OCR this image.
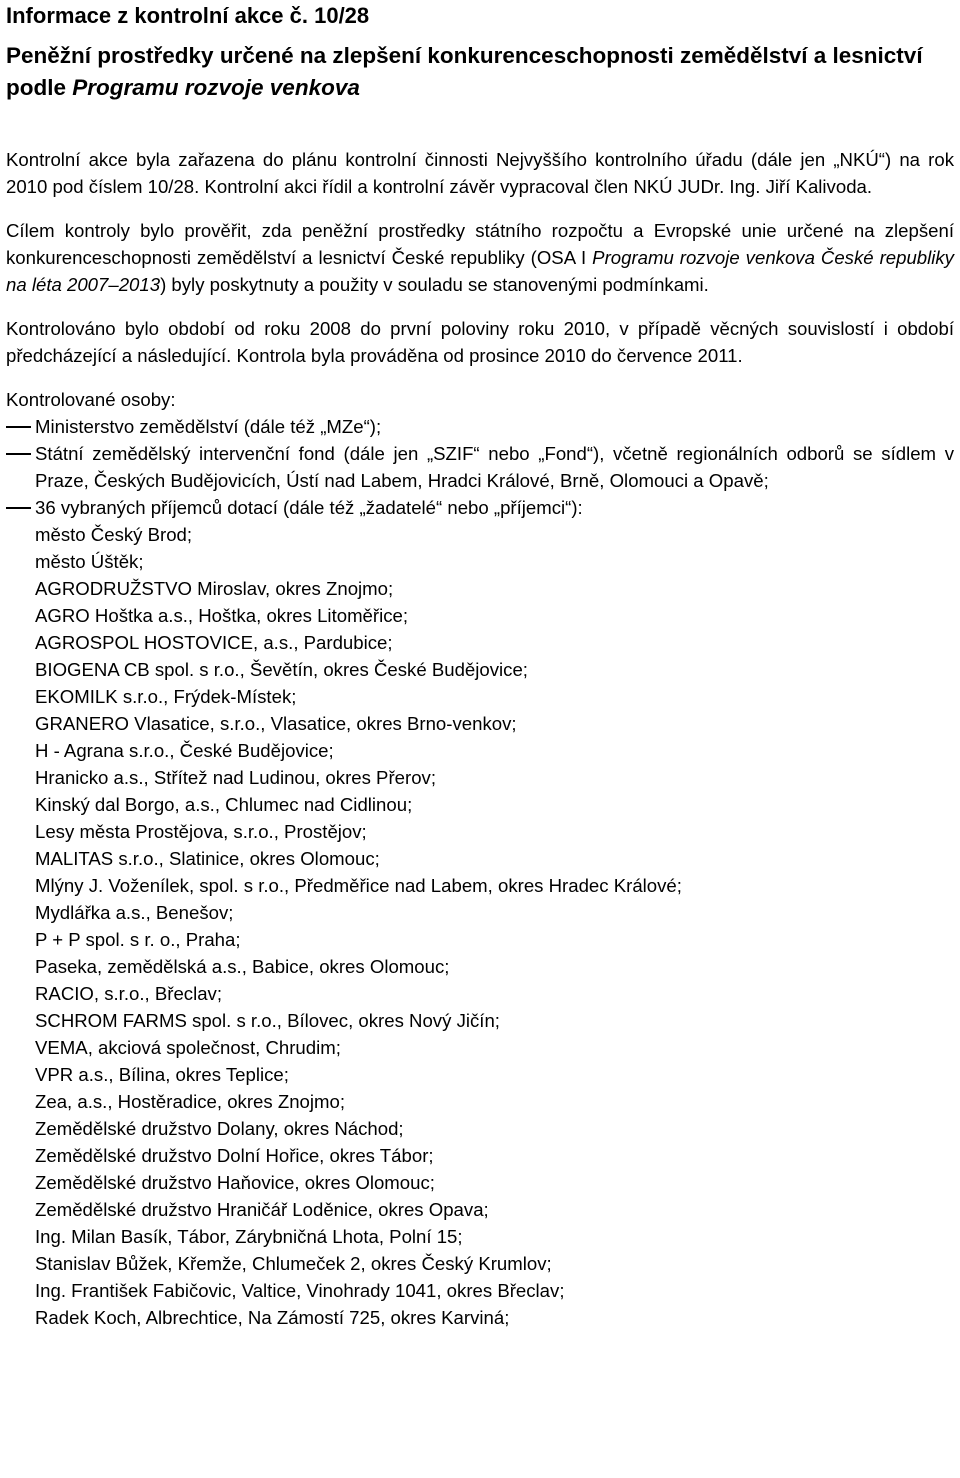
Informace z kontrolní akce č. 10/28
Peněžní prostředky určené na zlepšení konkurenceschopnosti zemědělství a lesnictví podle Programu rozvoje venkova

Kontrolní akce byla zařazena do plánu kontrolní činnosti Nejvyššího kontrolního úřadu (dále jen „NKÚ“) na rok 2010 pod číslem 10/28. Kontrolní akci řídil a kontrolní závěr vypracoval člen NKÚ JUDr. Ing. Jiří Kalivoda.

Cílem kontroly bylo prověřit, zda peněžní prostředky státního rozpočtu a Evropské unie určené na zlepšení konkurenceschopnosti zemědělství a lesnictví České republiky (OSA I Programu rozvoje venkova České republiky na léta 2007–2013) byly poskytnuty a použity v souladu se stanovenými podmínkami.

Kontrolováno bylo období od roku 2008 do první poloviny roku 2010, v případě věcných souvislostí i období předcházející a následující. Kontrola byla prováděna od prosince 2010 do července 2011.

Kontrolované osoby:

Ministerstvo zemědělství (dále též „MZe“);
Státní zemědělský intervenční fond (dále jen „SZIF“ nebo „Fond“), včetně regionálních odborů se sídlem v Praze, Českých Budějovicích, Ústí nad Labem, Hradci Králové, Brně, Olomouci a Opavě;
36 vybraných příjemců dotací (dále též „žadatelé“ nebo „příjemci“):
město Český Brod;
město Úštěk;
AGRODRUŽSTVO Miroslav, okres Znojmo;
AGRO Hoštka a.s., Hoštka, okres Litoměřice;
AGROSPOL HOSTOVICE, a.s., Pardubice;
BIOGENA CB spol. s r.o., Ševětín, okres České Budějovice;
EKOMILK s.r.o., Frýdek-Místek;
GRANERO Vlasatice, s.r.o., Vlasatice, okres Brno-venkov;
H - Agrana s.r.o., České Budějovice;
Hranicko a.s., Střítež nad Ludinou, okres Přerov;
Kinský dal Borgo, a.s., Chlumec nad Cidlinou;
Lesy města Prostějova, s.r.o., Prostějov;
MALITAS s.r.o., Slatinice, okres Olomouc;
Mlýny J. Voženílek, spol. s r.o., Předměřice nad Labem, okres Hradec Králové;
Mydlářka a.s., Benešov;
P + P spol. s r. o., Praha;
Paseka, zemědělská a.s., Babice, okres Olomouc;
RACIO, s.r.o., Břeclav;
SCHROM FARMS spol. s r.o., Bílovec, okres Nový Jičín;
VEMA, akciová společnost, Chrudim;
VPR a.s., Bílina, okres Teplice;
Zea, a.s., Hostěradice, okres Znojmo;
Zemědělské družstvo Dolany, okres Náchod;
Zemědělské družstvo Dolní Hořice, okres Tábor;
Zemědělské družstvo Haňovice, okres Olomouc;
Zemědělské družstvo Hraničář Loděnice, okres Opava;
Ing. Milan Basík, Tábor, Zárybničná Lhota, Polní 15;
Stanislav Bůžek, Křemže, Chlumeček 2, okres Český Krumlov;
Ing. František Fabičovic, Valtice, Vinohrady 1041, okres Břeclav;
Radek Koch, Albrechtice, Na Zámostí 725, okres Karviná;
